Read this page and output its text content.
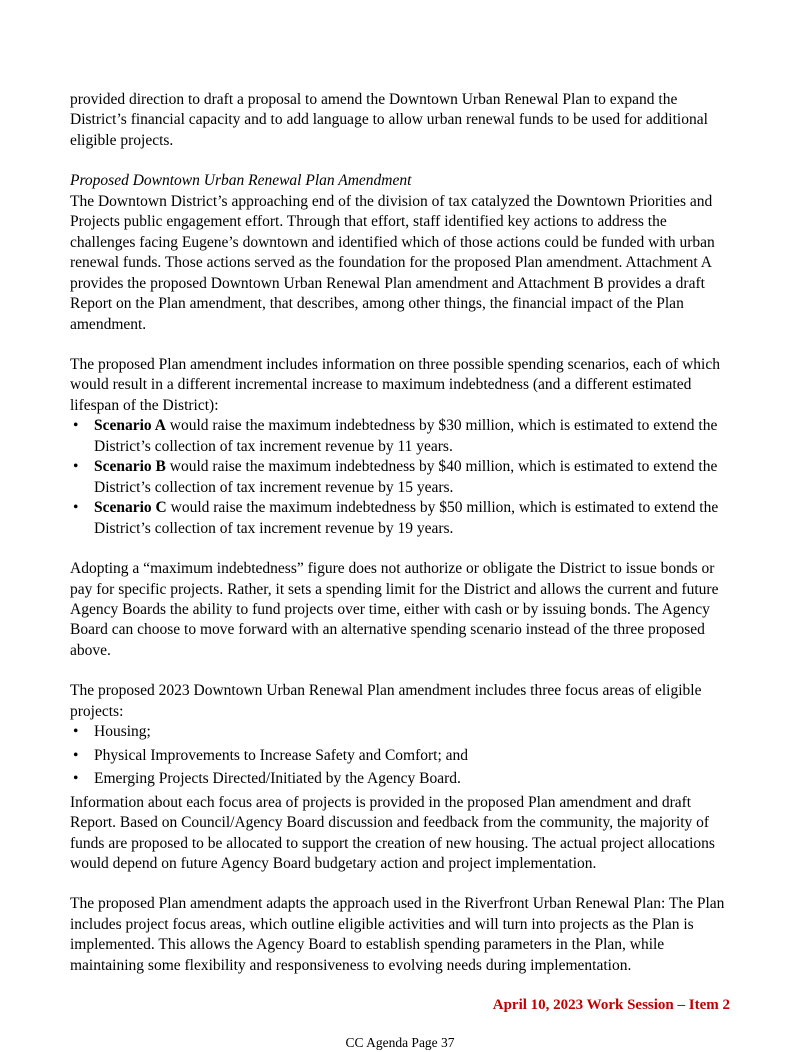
provided direction to draft a proposal to amend the Downtown Urban Renewal Plan to expand the District’s financial capacity and to add language to allow urban renewal funds to be used for additional eligible projects.

Proposed Downtown Urban Renewal Plan Amendment

The Downtown District’s approaching end of the division of tax catalyzed the Downtown Priorities and Projects public engagement effort. Through that effort, staff identified key actions to address the challenges facing Eugene’s downtown and identified which of those actions could be funded with urban renewal funds. Those actions served as the foundation for the proposed Plan amendment. Attachment A provides the proposed Downtown Urban Renewal Plan amendment and Attachment B provides a draft Report on the Plan amendment, that describes, among other things, the financial impact of the Plan amendment.

The proposed Plan amendment includes information on three possible spending scenarios, each of which would result in a different incremental increase to maximum indebtedness (and a different estimated lifespan of the District):

• Scenario A would raise the maximum indebtedness by $30 million, which is estimated to extend the District’s collection of tax increment revenue by 11 years.
• Scenario B would raise the maximum indebtedness by $40 million, which is estimated to extend the District’s collection of tax increment revenue by 15 years.
• Scenario C would raise the maximum indebtedness by $50 million, which is estimated to extend the District’s collection of tax increment revenue by 19 years.

Adopting a “maximum indebtedness” figure does not authorize or obligate the District to issue bonds or pay for specific projects. Rather, it sets a spending limit for the District and allows the current and future Agency Boards the ability to fund projects over time, either with cash or by issuing bonds. The Agency Board can choose to move forward with an alternative spending scenario instead of the three proposed above.

The proposed 2023 Downtown Urban Renewal Plan amendment includes three focus areas of eligible projects:

• Housing;
• Physical Improvements to Increase Safety and Comfort; and
• Emerging Projects Directed/Initiated by the Agency Board.

Information about each focus area of projects is provided in the proposed Plan amendment and draft Report. Based on Council/Agency Board discussion and feedback from the community, the majority of funds are proposed to be allocated to support the creation of new housing. The actual project allocations would depend on future Agency Board budgetary action and project implementation.

The proposed Plan amendment adapts the approach used in the Riverfront Urban Renewal Plan: The Plan includes project focus areas, which outline eligible activities and will turn into projects as the Plan is implemented. This allows the Agency Board to establish spending parameters in the Plan, while maintaining some flexibility and responsiveness to evolving needs during implementation.

April 10, 2023 Work Session – Item 2
CC Agenda Page 37
